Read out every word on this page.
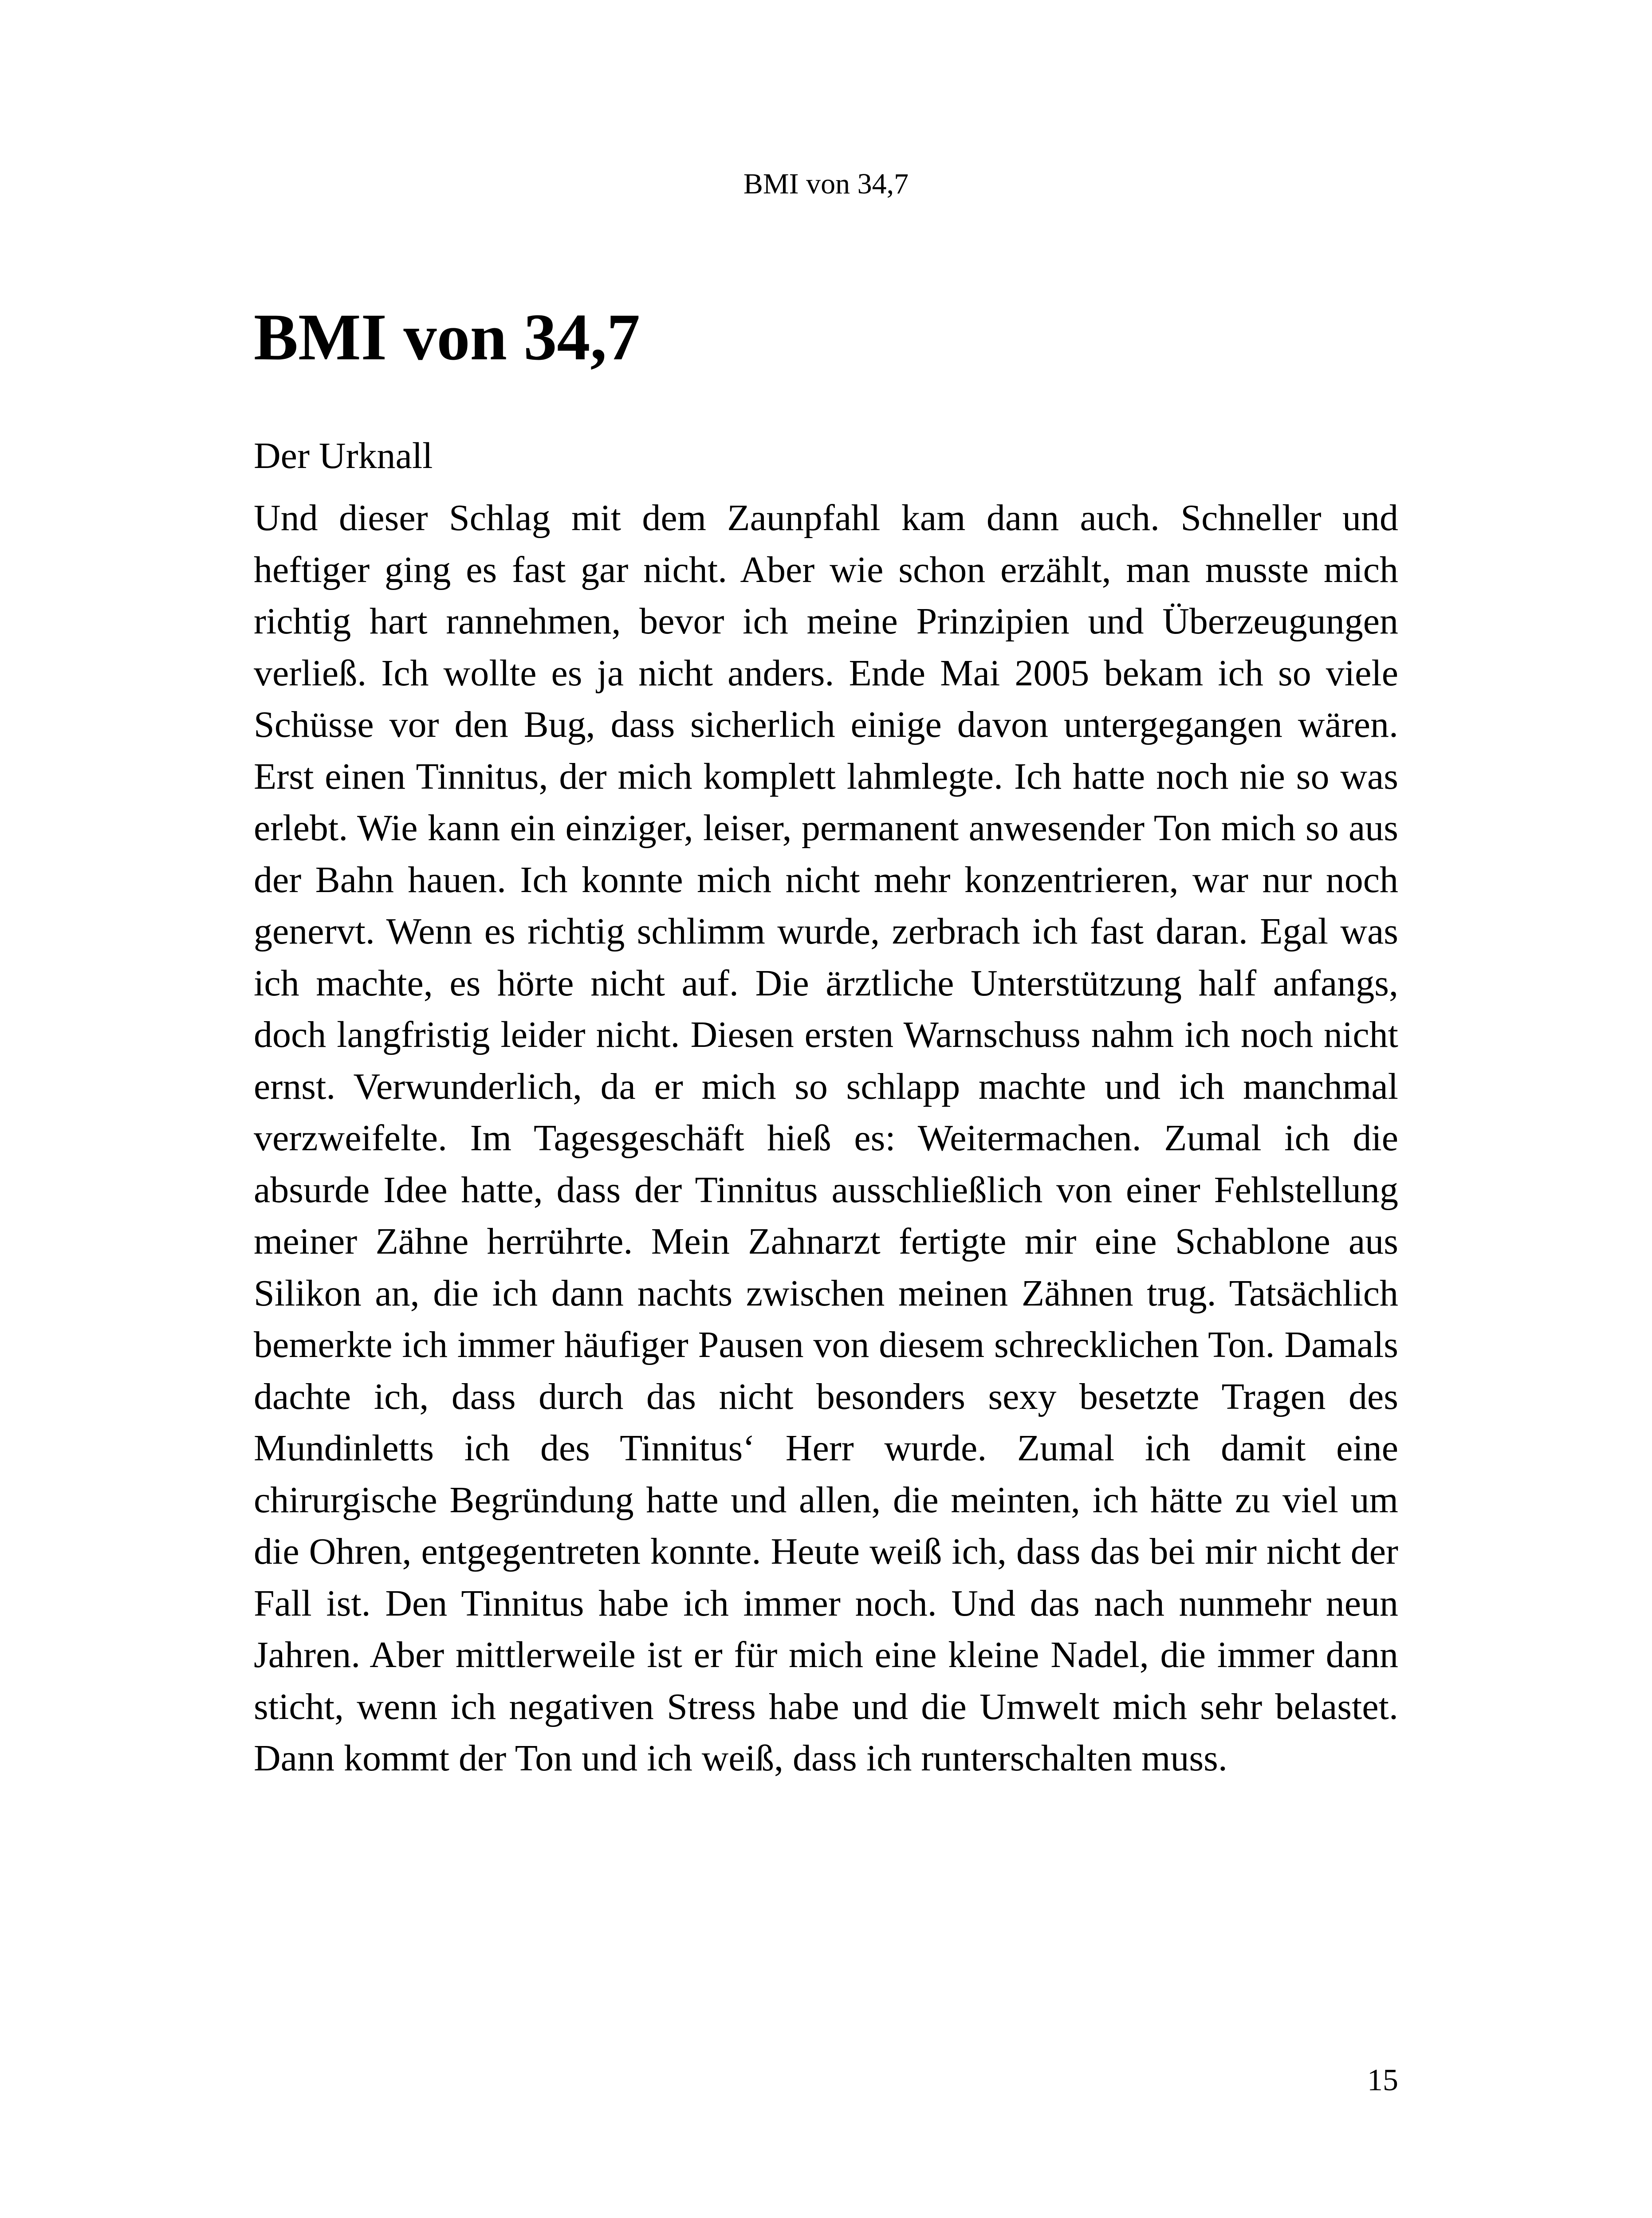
BMI von 34,7
BMI von 34,7

Der Urknall

Und dieser Schlag mit dem Zaunpfahl kam dann auch. Schneller und heftiger ging es fast gar nicht. Aber wie schon erzählt, man musste mich richtig hart rannehmen, bevor ich meine Prinzipien und Überzeugungen verließ. Ich wollte es ja nicht anders. Ende Mai 2005 bekam ich so viele Schüsse vor den Bug, dass sicherlich einige davon untergegangen wären. Erst einen Tinnitus, der mich komplett lahmlegte. Ich hatte noch nie so was erlebt. Wie kann ein einziger, leiser, permanent anwesender Ton mich so aus der Bahn hauen. Ich konnte mich nicht mehr konzentrieren, war nur noch genervt. Wenn es richtig schlimm wurde, zerbrach ich fast daran. Egal was ich machte, es hörte nicht auf. Die ärztliche Unterstützung half anfangs, doch langfristig leider nicht. Diesen ersten Warnschuss nahm ich noch nicht ernst. Verwunderlich, da er mich so schlapp machte und ich manchmal verzweifelte. Im Tagesgeschäft hieß es: Weitermachen. Zumal ich die absurde Idee hatte, dass der Tinnitus ausschließlich von einer Fehlstellung meiner Zähne herrührte. Mein Zahnarzt fertigte mir eine Schablone aus Silikon an, die ich dann nachts zwischen meinen Zähnen trug. Tatsächlich bemerkte ich immer häufiger Pausen von diesem schrecklichen Ton. Damals dachte ich, dass durch das nicht besonders sexy besetzte Tragen des Mundinletts ich des Tinnitus‘ Herr wurde. Zumal ich damit eine chirurgische Begründung hatte und allen, die meinten, ich hätte zu viel um die Ohren, entgegentreten konnte. Heute weiß ich, dass das bei mir nicht der Fall ist. Den Tinnitus habe ich immer noch. Und das nach nunmehr neun Jahren. Aber mittlerweile ist er für mich eine kleine Nadel, die immer dann sticht, wenn ich negativen Stress habe und die Umwelt mich sehr belastet. Dann kommt der Ton und ich weiß, dass ich runterschalten muss.

15
